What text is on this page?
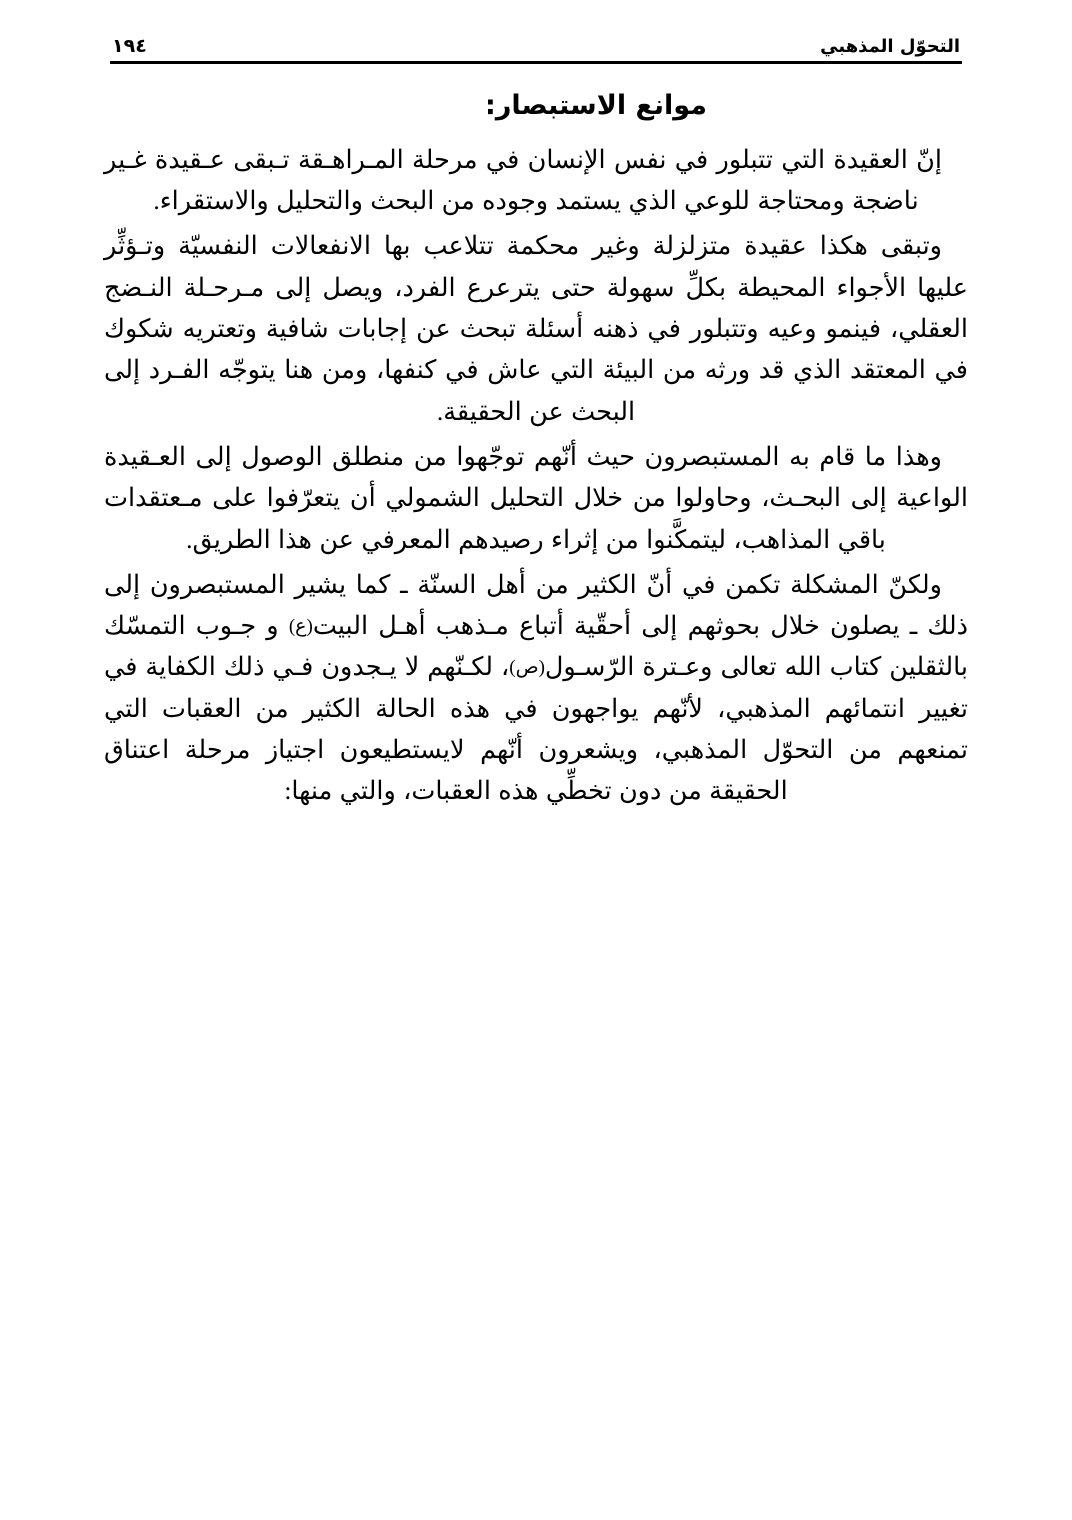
التحوّل المذهبي
١٩٤
موانع الاستبصار:

إنّ العقيدة التي تتبلور في نفس الإنسان في مرحلة المـراهـقة تـبقى عـقيدة غـير ناضجة ومحتاجة للوعي الذي يستمد وجوده من البحث والتحليل والاستقراء.

وتبقى هكذا عقيدة متزلزلة وغير محكمة تتلاعب بها الانفعالات النفسيّة وتـؤثِّر عليها الأجواء المحيطة بكلِّ سهولة حتى يترعرع الفرد، ويصل إلى مـرحـلة النـضج العقلي، فينمو وعيه وتتبلور في ذهنه أسئلة تبحث عن إجابات شافية وتعتريه شكوك في المعتقد الذي قد ورثه من البيئة التي عاش في كنفها، ومن هنا يتوجّه الفـرد إلى البحث عن الحقيقة.

وهذا ما قام به المستبصرون حيث أنّهم توجّهوا من منطلق الوصول إلى العـقيدة الواعية إلى البحـث، وحاولوا من خلال التحليل الشمولي أن يتعرّفوا على مـعتقدات باقي المذاهب، ليتمكَّنوا من إثراء رصيدهم المعرفي عن هذا الطريق.

ولكنّ المشكلة تكمن في أنّ الكثير من أهل السنّة ـ كما يشير المستبصرون إلى ذلك ـ يصلون خلال بحوثهم إلى أحقّية أتباع مـذهب أهـل البيت(ع) و جـوب التمسّك بالثقلين كتاب الله تعالى وعـترة الرّسـول(ص)، لكـنّهم لا يـجدون فـي ذلك الكفاية في تغيير انتمائهم المذهبي، لأنّهم يواجهون في هذه الحالة الكثير من العقبات التي تمنعهم من التحوّل المذهبي، ويشعرون أنّهم لايستطيعون اجتياز مرحلة اعتناق الحقيقة من دون تخطِّي هذه العقبات، والتي منها:
